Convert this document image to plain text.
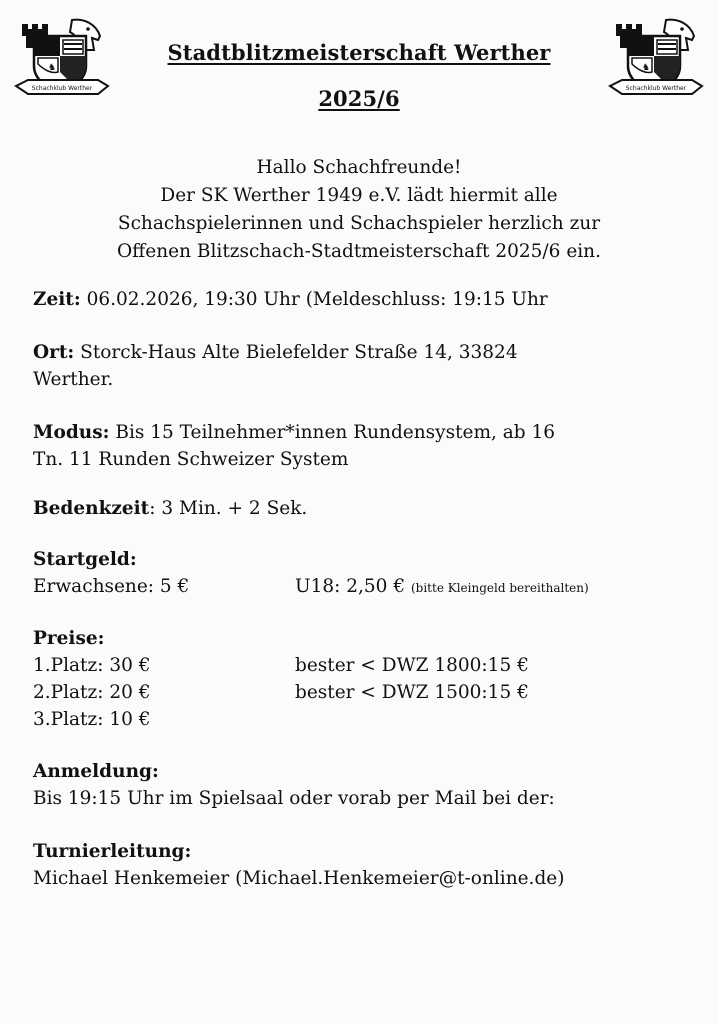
♞
Schachklub Werther
♞
Schachklub Werther
Stadtblitzmeisterschaft Werther
2025/6
Hallo Schachfreunde!
Der SK Werther 1949 e.V. lädt hiermit alle
Schachspielerinnen und Schachspieler herzlich zur
Offenen Blitzschach-Stadtmeisterschaft 2025/6 ein.
Zeit: 06.02.2026, 19:30 Uhr (Meldeschluss: 19:15 Uhr
Ort: Storck-Haus Alte Bielefelder Straße 14, 33824
Werther.
Modus: Bis 15 Teilnehmer*innen Rundensystem, ab 16
Tn. 11 Runden Schweizer System
Bedenkzeit: 3 Min. + 2 Sek.
Startgeld:
Erwachsene: 5 €	U18: 2,50 € (bitte Kleingeld bereithalten)
Preise:
1.Platz: 30 €	bester < DWZ 1800:15 €
2.Platz: 20 €	bester < DWZ 1500:15 €
3.Platz: 10 €
Anmeldung:
Bis 19:15 Uhr im Spielsaal oder vorab per Mail bei der:
Turnierleitung:
Michael Henkemeier (Michael.Henkemeier@t-online.de)
